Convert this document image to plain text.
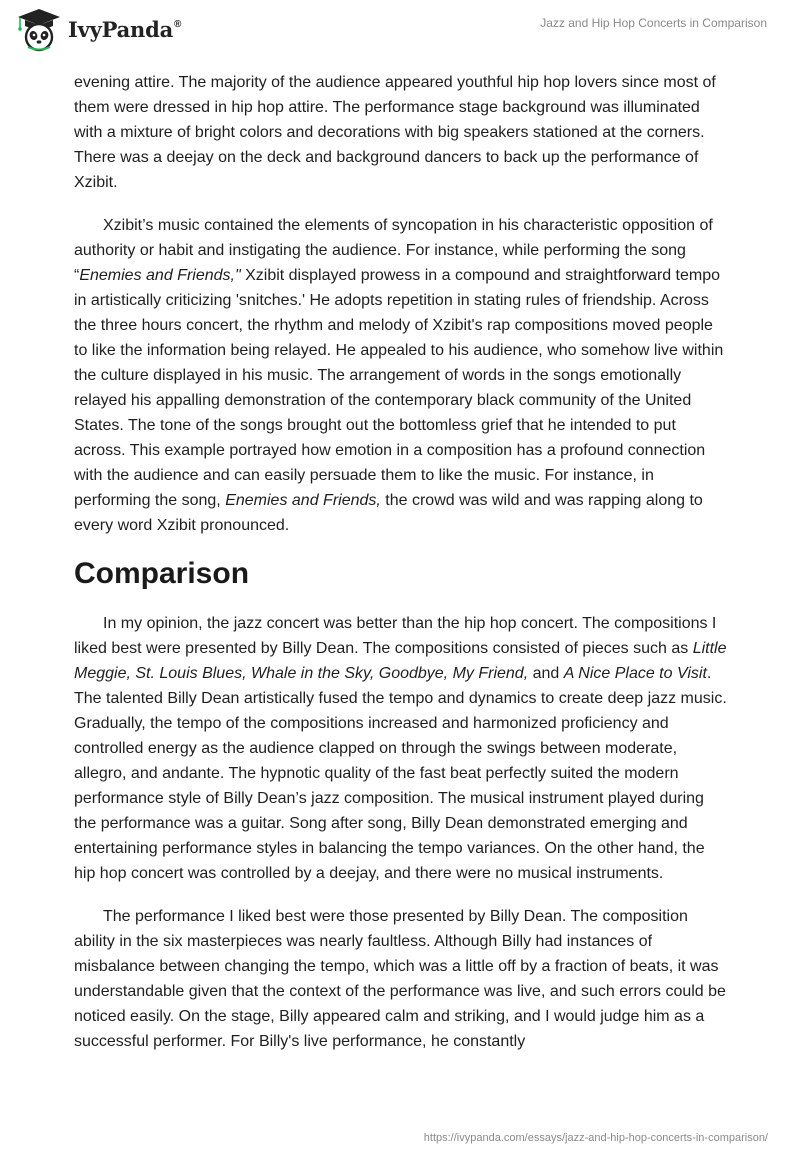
IvyPanda®	Jazz and Hip Hop Concerts in Comparison

evening attire. The majority of the audience appeared youthful hip hop lovers since most of them were dressed in hip hop attire. The performance stage background was illuminated with a mixture of bright colors and decorations with big speakers stationed at the corners. There was a deejay on the deck and background dancers to back up the performance of Xzibit.

Xzibit’s music contained the elements of syncopation in his characteristic opposition of authority or habit and instigating the audience. For instance, while performing the song “Enemies and Friends," Xzibit displayed prowess in a compound and straightforward tempo in artistically criticizing 'snitches.' He adopts repetition in stating rules of friendship. Across the three hours concert, the rhythm and melody of Xzibit's rap compositions moved people to like the information being relayed. He appealed to his audience, who somehow live within the culture displayed in his music. The arrangement of words in the songs emotionally relayed his appalling demonstration of the contemporary black community of the United States. The tone of the songs brought out the bottomless grief that he intended to put across. This example portrayed how emotion in a composition has a profound connection with the audience and can easily persuade them to like the music. For instance, in performing the song, Enemies and Friends, the crowd was wild and was rapping along to every word Xzibit pronounced.

Comparison

In my opinion, the jazz concert was better than the hip hop concert. The compositions I liked best were presented by Billy Dean. The compositions consisted of pieces such as Little Meggie, St. Louis Blues, Whale in the Sky, Goodbye, My Friend, and A Nice Place to Visit. The talented Billy Dean artistically fused the tempo and dynamics to create deep jazz music. Gradually, the tempo of the compositions increased and harmonized proficiency and controlled energy as the audience clapped on through the swings between moderate, allegro, and andante. The hypnotic quality of the fast beat perfectly suited the modern performance style of Billy Dean’s jazz composition. The musical instrument played during the performance was a guitar. Song after song, Billy Dean demonstrated emerging and entertaining performance styles in balancing the tempo variances. On the other hand, the hip hop concert was controlled by a deejay, and there were no musical instruments.

The performance I liked best were those presented by Billy Dean. The composition ability in the six masterpieces was nearly faultless. Although Billy had instances of misbalance between changing the tempo, which was a little off by a fraction of beats, it was understandable given that the context of the performance was live, and such errors could be noticed easily. On the stage, Billy appeared calm and striking, and I would judge him as a successful performer. For Billy's live performance, he constantly

https://ivypanda.com/essays/jazz-and-hip-hop-concerts-in-comparison/
